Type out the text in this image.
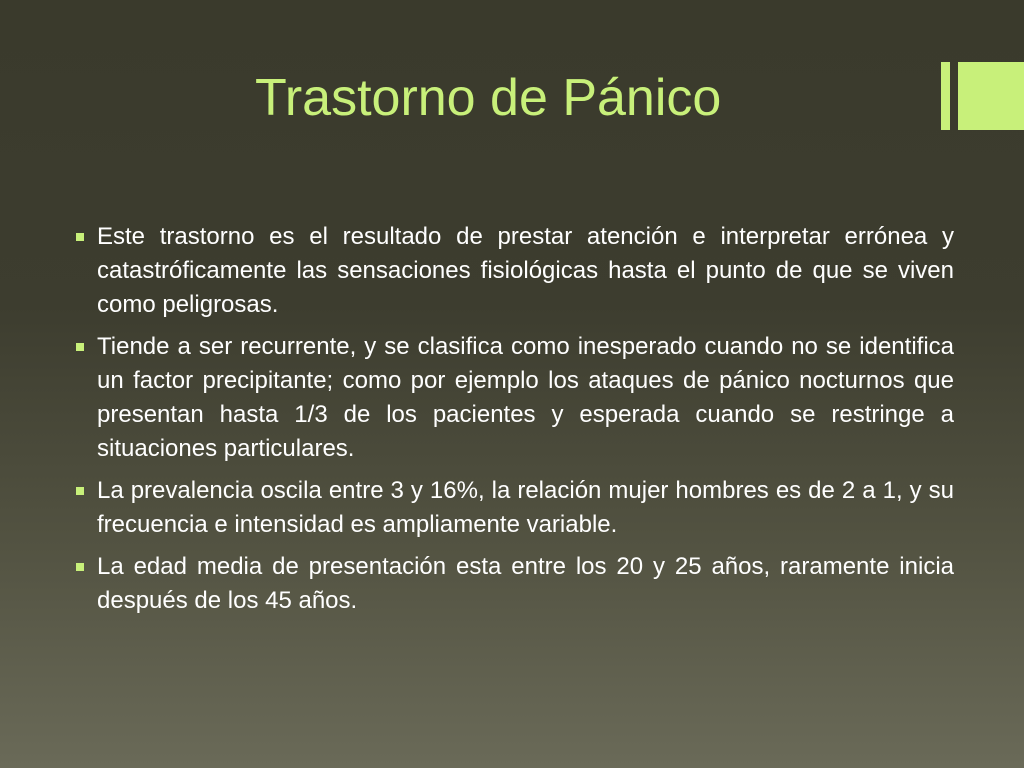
Trastorno de Pánico
Este trastorno es el resultado de prestar atención e interpretar errónea y catastróficamente las sensaciones fisiológicas hasta el punto de que se viven como peligrosas.
Tiende a ser recurrente, y se clasifica como inesperado cuando no se identifica un factor precipitante; como por ejemplo los ataques de pánico nocturnos que presentan hasta 1/3 de los pacientes y esperada cuando se restringe a situaciones particulares.
La prevalencia oscila entre 3 y 16%, la relación mujer hombres es de 2 a 1, y su frecuencia e intensidad es ampliamente variable.
La edad media de presentación esta entre los 20 y 25 años, raramente inicia después de los 45 años.
